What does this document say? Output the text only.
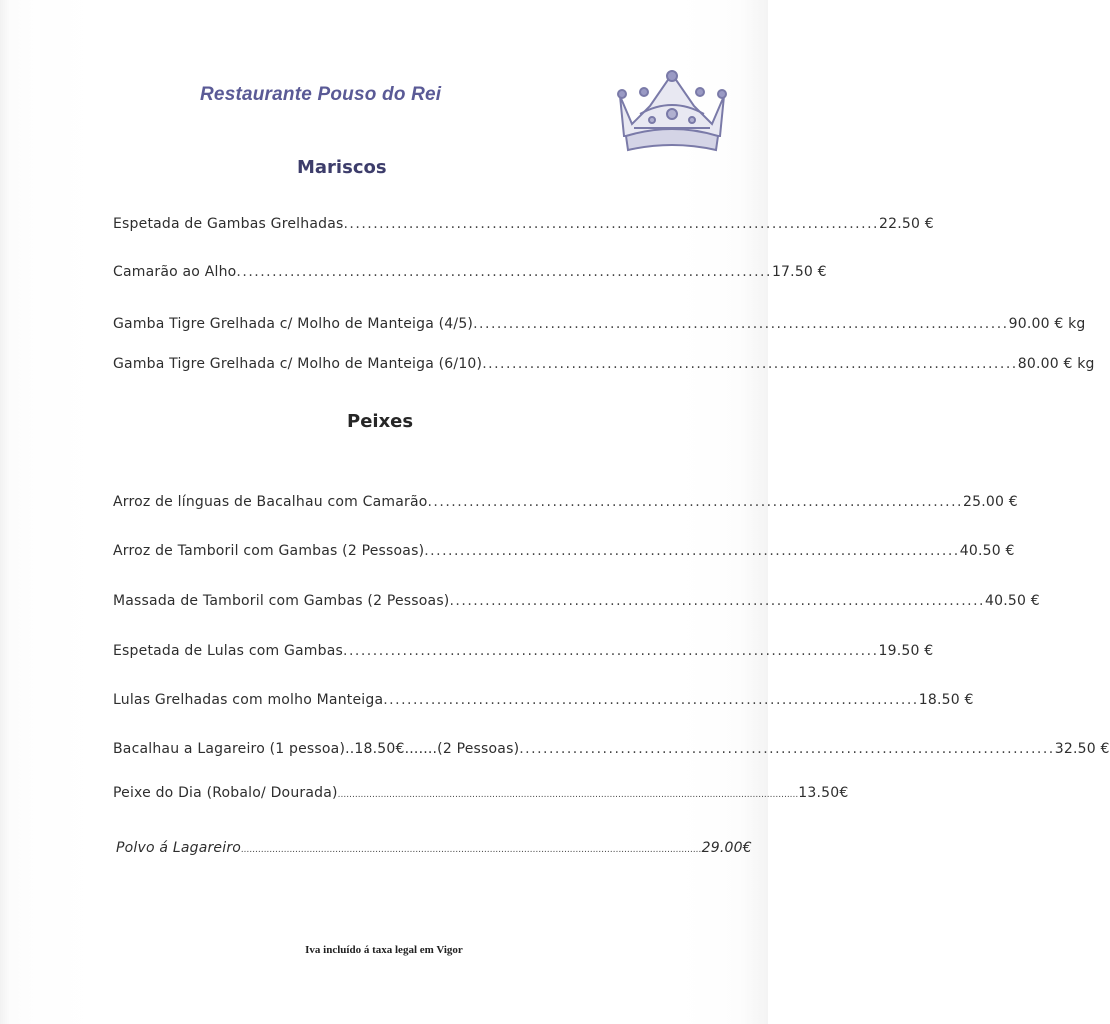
Restaurante Pouso do Rei
Mariscos
Espetada de Gambas Grelhadas .......................................................................................... 22.50 €
Camarão ao Alho .......................................................................................... 17.50 €
Gamba Tigre Grelhada c/ Molho de Manteiga (4/5) .......................................................................................... 90.00 € kg
Gamba Tigre Grelhada c/ Molho de Manteiga (6/10) .......................................................................................... 80.00 € kg
Peixes
Arroz de línguas de Bacalhau com Camarão .......................................................................................... 25.00 €
Arroz de Tamboril com Gambas (2 Pessoas) .......................................................................................... 40.50 €
Massada de Tamboril com Gambas (2 Pessoas) .......................................................................................... 40.50 €
Espetada de Lulas com Gambas .......................................................................................... 19.50 €
Lulas Grelhadas com molho Manteiga .......................................................................................... 18.50 €
Bacalhau a Lagareiro (1 pessoa)..18.50€.......(2 Pessoas) .......................................................................................... 32.50 €
Peixe do Dia (Robalo/ Dourada) ................................................................................................................................................................. 13.50€
Polvo á Lagareiro ................................................................................................................................................................. 29.00€
Iva incluído á taxa legal em Vigor
